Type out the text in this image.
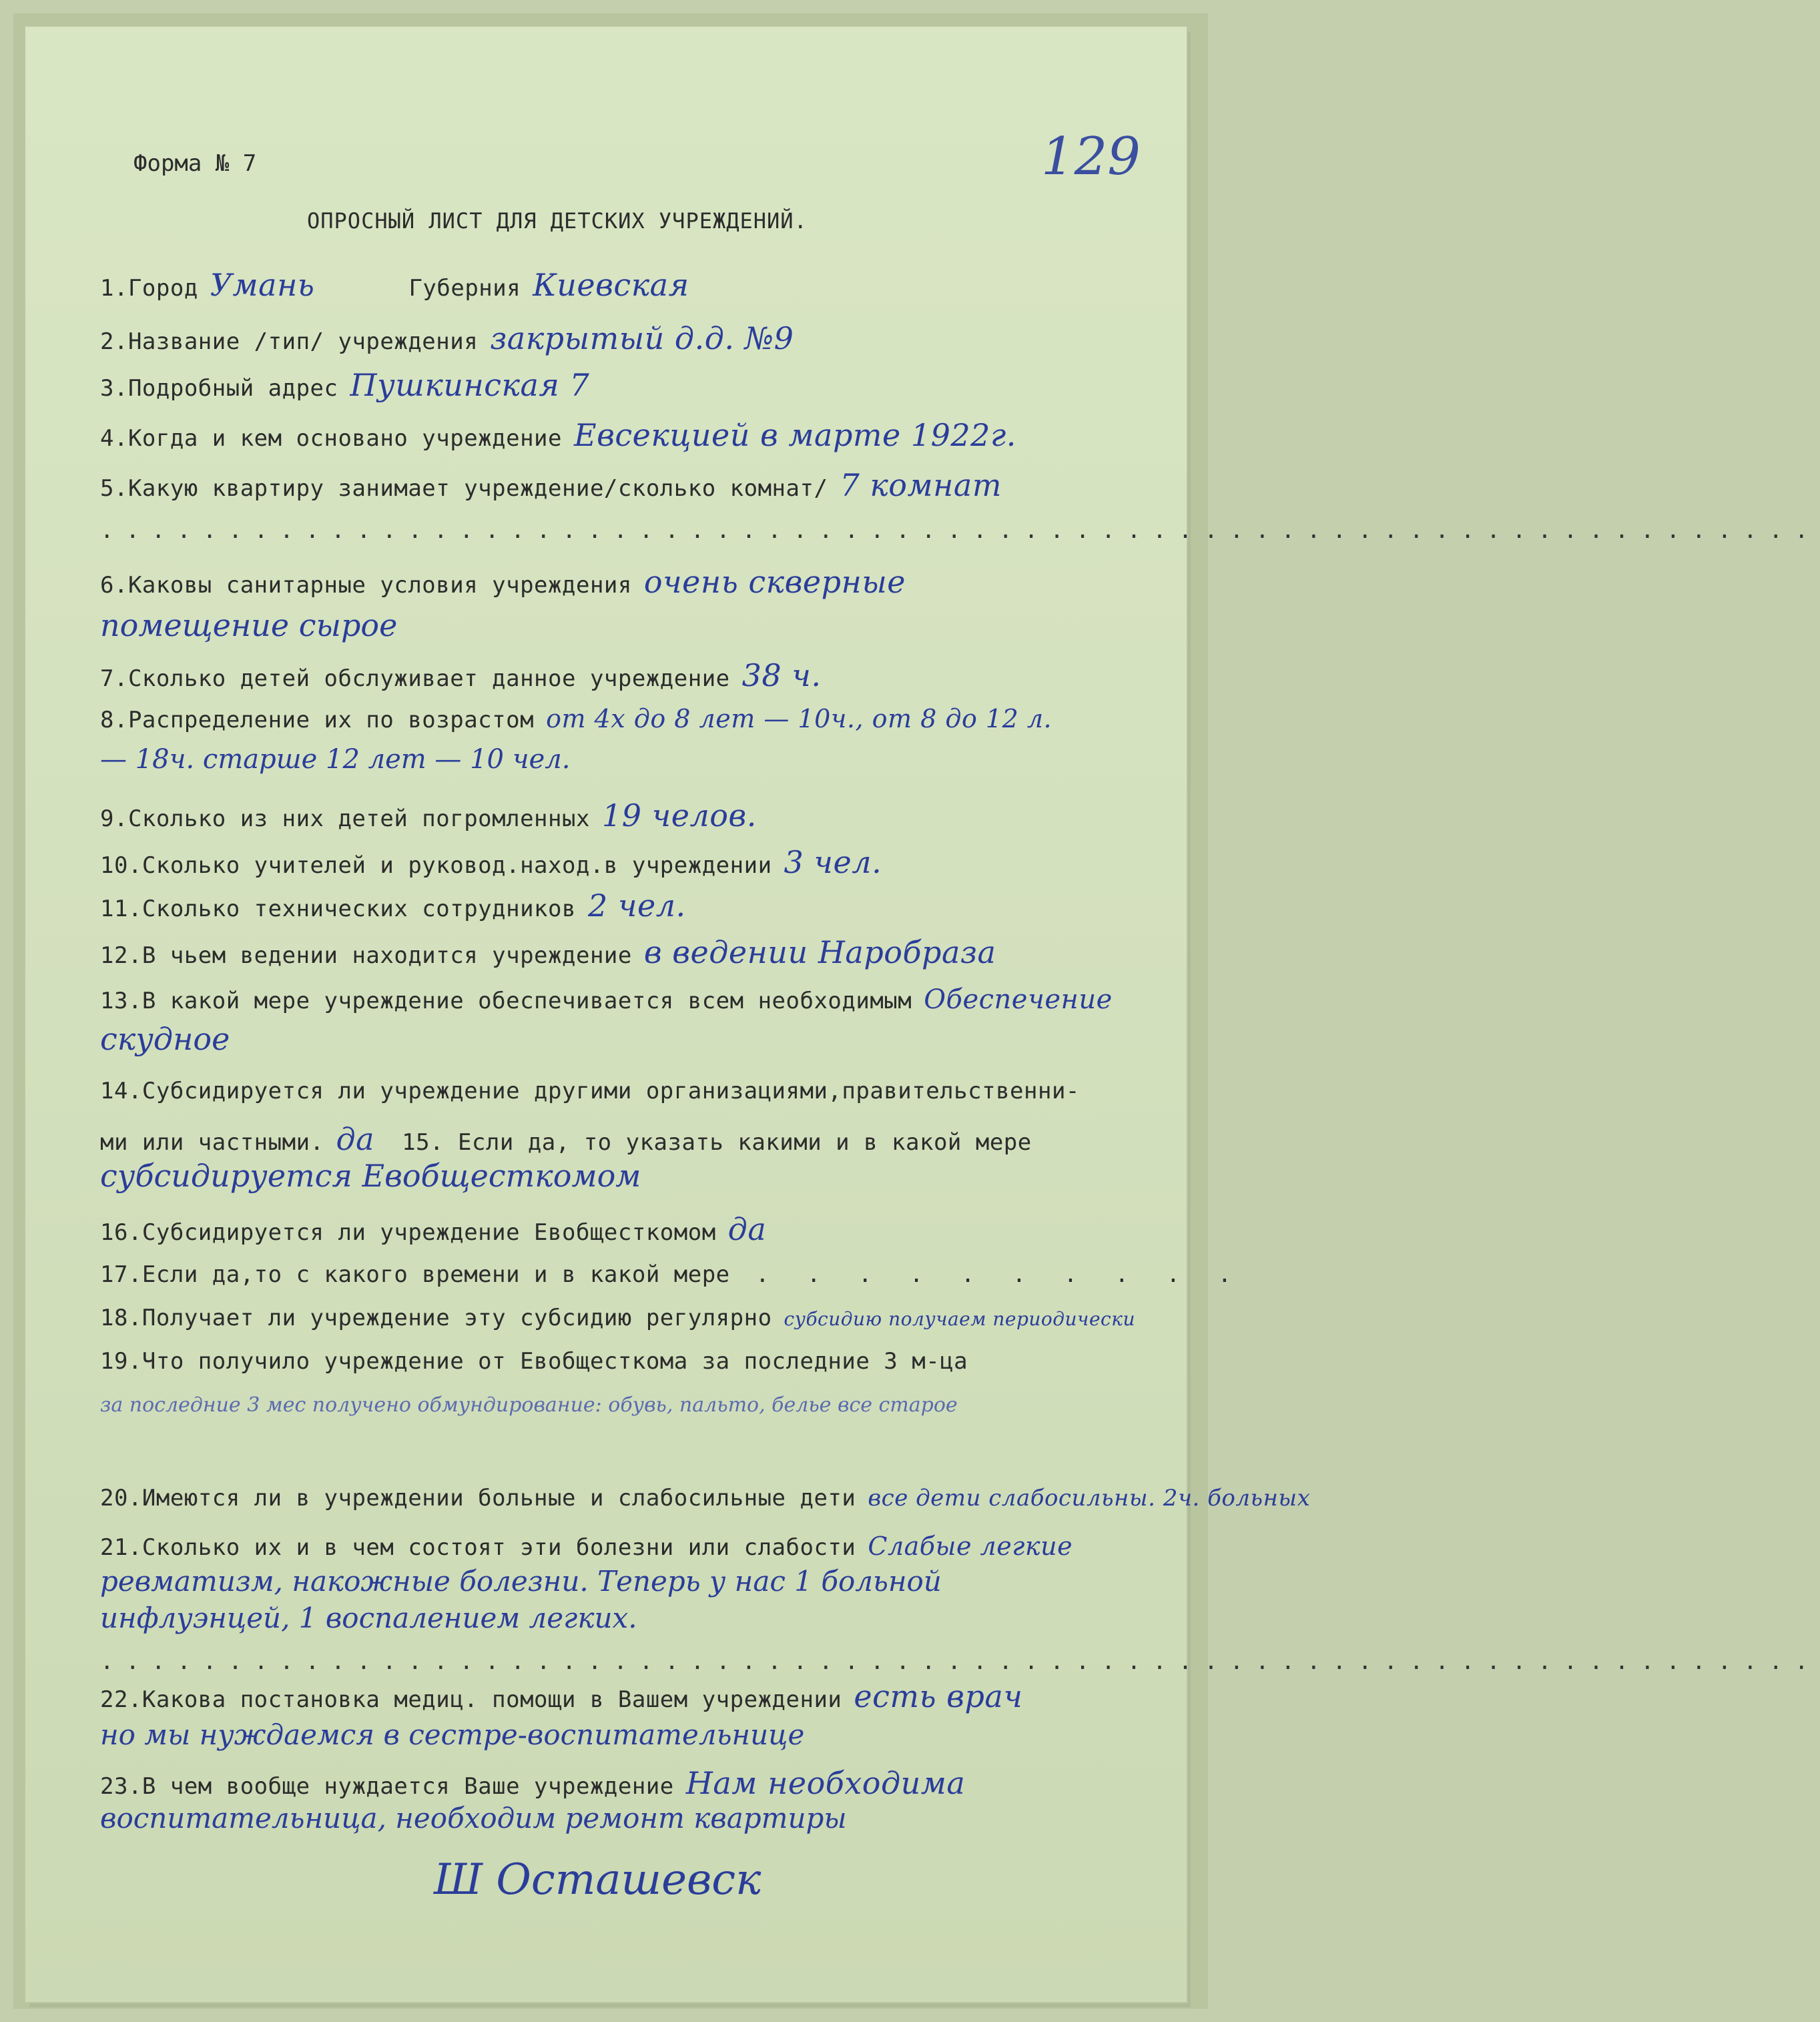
129
Форма № 7
ОПРОСНЫЙ ЛИСТ ДЛЯ ДЕТСКИХ УЧРЕЖДЕНИЙ.
1.Город Умань	Губерния Киевская
2.Название /тип/ учреждения закрытый д.д. №9
3.Подробный адрес Пушкинская 7
4.Когда и кем основано учреждение Евсекцией в марте 1922г.
5.Какую квартиру занимает учреждение/сколько комнат/ 7 комнат
...................................................................
6.Каковы санитарные условия учреждения очень скверные
помещение сырое
7.Сколько детей обслуживает данное учреждение 38 ч.
8.Распределение их по возрастом от 4х до 8 лет — 10ч., от 8 до 12 л.
— 18ч. старше 12 лет — 10 чел.
9.Сколько из них детей погромленных 19 челов.
10.Сколько учителей и руковод.наход.в учреждении 3 чел.
11.Сколько технических сотрудников 2 чел.
12.В чьем ведении находится учреждение в ведении Наробраза
13.В какой мере учреждение обеспечивается всем необходимым Обеспечение
скудное
14.Субсидируется ли учреждение другими организациями,правительственни-
ми или частными. да 15. Если да, то указать какими и в какой мере
субсидируется Евобщесткомом
16.Субсидируется ли учреждение Евобщесткомом да
17.Если да,то с какого времени и в какой мере . . . . . . . . . .
18.Получает ли учреждение эту субсидию регулярно субсидию получаем периодически
19.Что получило учреждение от Евобщесткома за последние 3 м-ца
за последние 3 мес получено обмундирование: обувь, пальто, белье все старое
20.Имеются ли в учреждении больные и слабосильные дети все дети слабосильны. 2ч. больных
21.Сколько их и в чем состоят эти болезни или слабости Слабые легкие
ревматизм, накожные болезни. Теперь у нас 1 больной
инфлуэнцей, 1 воспалением легких.
...................................................................
22.Какова постановка медиц. помощи в Вашем учреждении есть врач
но мы нуждаемся в сестре-воспитательнице
23.В чем вообще нуждается Ваше учреждение Нам необходима
воспитательница, необходим ремонт квартиры
Ш Осташевск
